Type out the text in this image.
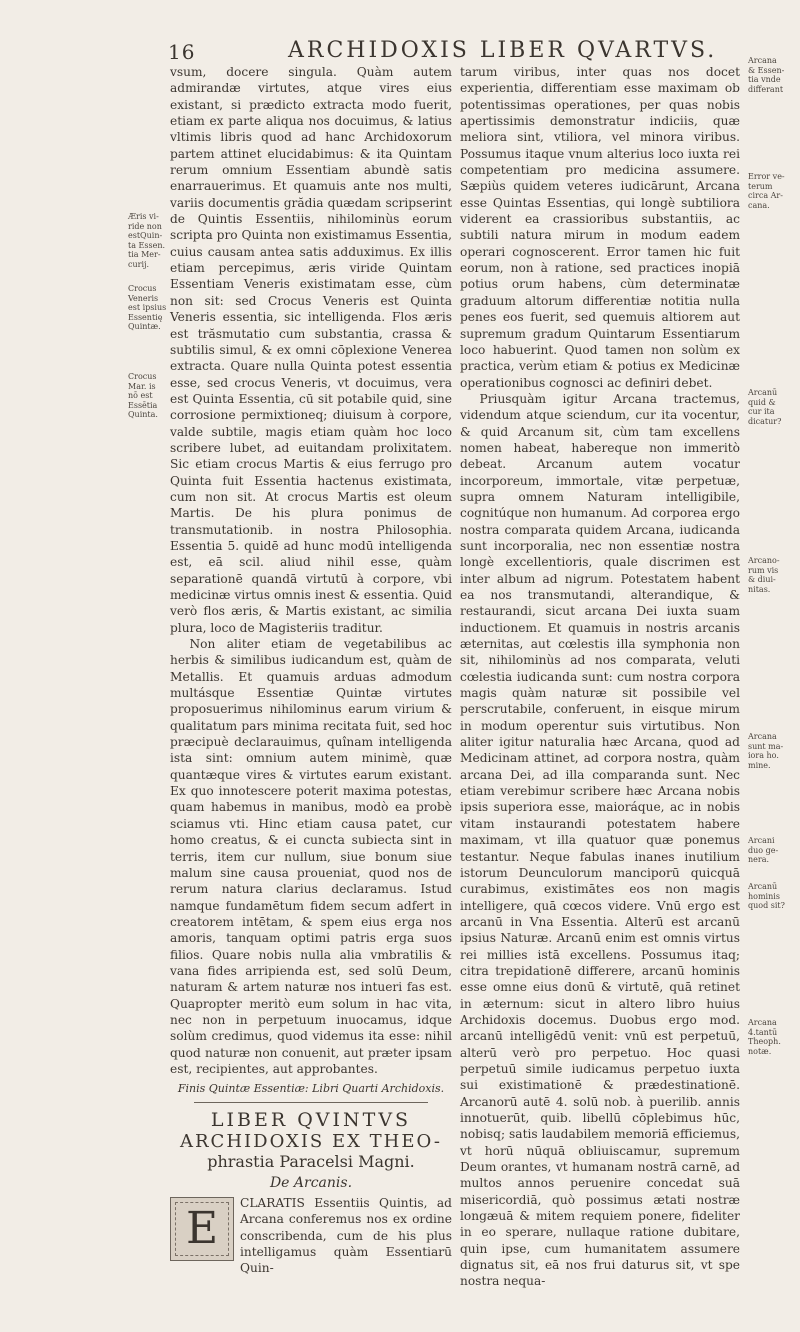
16	ARCHIDOXIS LIBER QVARTVS.
Æris vi-
ride non
estQuin-
ta Essen.
tia Mer-
curij.
Crocus
Veneris
est ipsius
Essentię
Quintæ.
Crocus
Mar. is
nō est
Essētia
Quinta.

vsum, docere singula. Quàm autem admirandæ virtutes, atque vires eius existant, si prædicto extracta modo fuerit, etiam ex parte aliqua nos docuimus, & latius vltimis libris quod ad hanc Archidoxorum partem attinet elucidabimus: & ita Quintam rerum omnium Essentiam abundè satis enarrauerimus. Et quamuis ante nos multi, variis documentis grădia quædam scripserint de Quintis Essentiis, nihilominùs eorum scripta pro Quinta non existimamus Essentia, cuius causam antea satis adduximus. Ex illis etiam percepimus, æris viride Quintam Essentiam Veneris existimatam esse, cùm non sit: sed Crocus Veneris est Quinta Veneris essentia, sic intelligenda. Flos æris est trăsmutatio cum substantia, crassa & subtilis simul, & ex omni cōplexione Venerea extracta. Quare nulla Quinta potest essentia esse, sed crocus Veneris, vt docuimus, vera est Quinta Essentia, cū sit potabile quid, sine corrosione permixtioneq; diuisum à corpore, valde subtile, magis etiam quàm hoc loco scribere lubet, ad euitandam prolixitatem. Sic etiam crocus Martis & eius ferrugo pro Quinta fuit Essentia hactenus existimata, cum non sit. At crocus Martis est oleum Martis. De his plura ponimus de transmutationib. in nostra Philosophia. Essentia 5. quidē ad hunc modū intelligenda est, eā scil. aliud nihil esse, quàm separationē quandā virtutū à corpore, vbi medicinæ virtus omnis inest & essentia. Quid verò flos æris, & Martis existant, ac similia plura, loco de Magisteriis traditur.

Non aliter etiam de vegetabilibus ac herbis & similibus iudicandum est, quàm de Metallis. Et quamuis arduas admodum multásque Essentiæ Quintæ virtutes proposuerimus nihilominus earum virium & qualitatum pars minima recitata fuit, sed hoc præcipuè declarauimus, quînam intelligenda ista sint: omnium autem minimè, quæ quantæque vires & virtutes earum existant. Ex quo innotescere poterit maxima potestas, quam habemus in manibus, modò ea probè sciamus vti. Hinc etiam causa patet, cur homo creatus, & ei cuncta subiecta sint in terris, item cur nullum, siue bonum siue malum sine causa proueniat, quod nos de rerum natura clarius declaramus. Istud namque fundamētum fidem secum adfert in creatorem intētam, & spem eius erga nos amoris, tanquam optimi patris erga suos filios. Quare nobis nulla alia vmbratilis & vana fides arripienda est, sed solū Deum, naturam & artem naturæ nos intueri fas est. Quapropter meritò eum solum in hac vita, nec non in perpetuum inuocamus, idque solùm credimus, quod videmus ita esse: nihil quod naturæ non conuenit, aut præter ipsam est, recipientes, aut approbantes.

Finis Quintæ Essentiæ: Libri Quarti Archidoxis.
LIBER QVINTVS
ARCHIDOXIS EX THEO-
phrastia Paracelsi Magni.
De Arcanis.
E	CLARATIS Essentiis Quintis, ad Arcana conferemus nos ex ordine conscribenda, cum de his plus intelligamus quàm Essentiarū Quin-

tarum viribus, inter quas nos docet experientia, differentiam esse maximam ob potentissimas operationes, per quas nobis apertissimis demonstratur indiciis, quæ meliora sint, vtiliora, vel minora viribus. Possumus itaque vnum alterius loco iuxta rei competentiam pro medicina assumere. Sæpiùs quidem veteres iudicārunt, Arcana esse Quintas Essentias, qui longè subtiliora viderent ea crassioribus substantiis, ac subtili natura mirum in modum eadem operari cognoscerent. Error tamen hic fuit eorum, non à ratione, sed practices inopiā potius orum habens, cùm determinatæ graduum altorum differentiæ notitia nulla penes eos fuerit, sed quemuis altiorem aut supremum gradum Quintarum Essentiarum loco habuerint. Quod tamen non solùm ex practica, verùm etiam & potius ex Medicinæ operationibus cognosci ac definiri debet.

Priusquàm igitur Arcana tractemus, videndum atque sciendum, cur ita vocentur, & quid Arcanum sit, cùm tam excellens nomen habeat, habereque non immeritò debeat. Arcanum autem vocatur incorporeum, immortale, vitæ perpetuæ, supra omnem Naturam intelligibile, cognitúque non humanum. Ad corporea ergo nostra comparata quidem Arcana, iudicanda sunt incorporalia, nec non essentiæ nostra longè excellentioris, quale discrimen est inter album ad nigrum. Potestatem habent ea nos transmutandi, alterandique, & restaurandi, sicut arcana Dei iuxta suam inductionem. Et quamuis in nostris arcanis æternitas, aut cœlestis illa symphonia non sit, nihilominùs ad nos comparata, veluti cœlestia iudicanda sunt: cum nostra corpora magis quàm naturæ sit possibile vel perscrutabile, conferuent, in eisque mirum in modum operentur suis virtutibus. Non aliter igitur naturalia hæc Arcana, quod ad Medicinam attinet, ad corpora nostra, quàm arcana Dei, ad illa comparanda sunt. Nec etiam verebimur scribere hæc Arcana nobis ipsis superiora esse, maioráque, ac in nobis vitam instaurandi potestatem habere maximam, vt illa quatuor quæ ponemus testantur. Neque fabulas inanes inutilium istorum Deunculorum manciporū quicquā curabimus, existimātes eos non magis intelligere, quā cœcos videre. Vnū ergo est arcanū in Vna Essentia. Alterū est arcanū ipsius Naturæ. Arcanū enim est omnis virtus rei millies istā excellens. Possumus itaq; citra trepidationē differere, arcanū hominis esse omne eius donū & virtutē, quā retinet in æternum: sicut in altero libro huius Archidoxis docemus. Duobus ergo mod. arcanū intelligēdū venit: vnū est perpetuū, alterū verò pro perpetuo. Hoc quasi perpetuū simile iudicamus perpetuo iuxta sui existimationē & prædestinationē. Arcanorū autē 4. solū nob. à puerilib. annis innotuerūt, quib. libellū cōplebimus hūc, nobisq; satis laudabilem memoriā efficiemus, vt horū nūquā obliuiscamur, supremum Deum orantes, vt humanam nostrā carnē, ad multos annos peruenire concedat suā misericordiā, quò possimus ætati nostræ longæuā & mitem requiem ponere, fideliter in eo sperare, nullaque ratione dubitare, quin ipse, cum humanitatem assumere dignatus sit, eā nos frui daturus sit, vt spe nostra nequa-

Arcana
& Essen-
tia vnde
differant
Error ve-
terum
circa Ar-
cana.
Arcanū
quid &
cur ita
dicatur?
Arcano-
rum vis
& diui-
nitas.
Arcana
sunt ma-
iora ho.
mine.
Arcani
duo ge-
nera.
Arcanū
hominis
quod sit?
Arcana
4.tantū
Theoph.
notæ.
